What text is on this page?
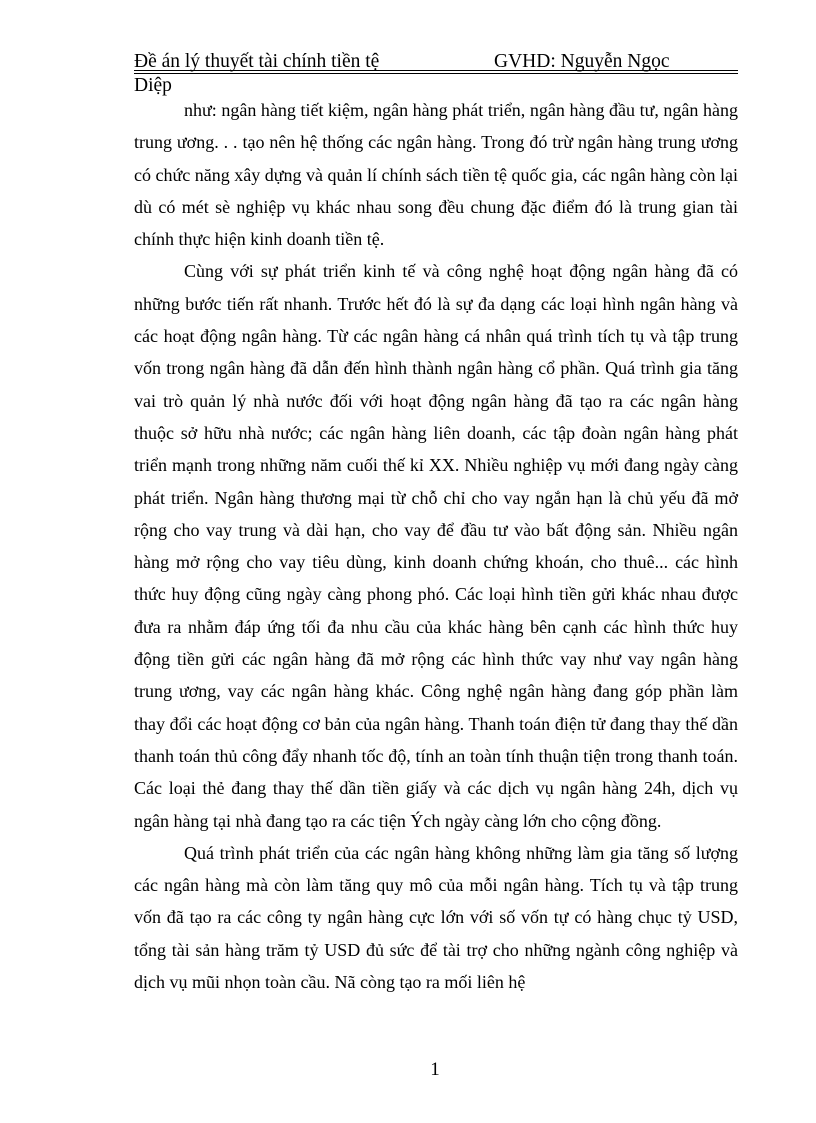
Đề án lý thuyết tài chính tiền tệ	GVHD: Nguyễn Ngọc
Diệp

như: ngân hàng tiết kiệm, ngân hàng phát triển, ngân hàng đầu tư, ngân hàng trung ương. . . tạo nên hệ thống các ngân hàng. Trong đó trừ ngân hàng trung ương có chức năng xây dựng và quản lí chính sách tiền tệ quốc gia, các ngân hàng còn lại dù có mét sè nghiệp vụ khác nhau song đều chung đặc điểm đó là trung gian tài chính thực hiện kinh doanh tiền tệ.

Cùng với sự phát triển kinh tế và công nghệ hoạt động ngân hàng đã có những bước tiến rất nhanh. Trước hết đó là sự đa dạng các loại hình ngân hàng và các hoạt động ngân hàng. Từ các ngân hàng cá nhân quá trình tích tụ và tập trung vốn trong ngân hàng đã dẫn đến hình thành ngân hàng cổ phần. Quá trình gia tăng vai trò quản lý nhà nước đối với hoạt động ngân hàng đã tạo ra các ngân hàng thuộc sở hữu nhà nước; các ngân hàng liên doanh, các tập đoàn ngân hàng phát triển mạnh trong những năm cuối thế kỉ XX. Nhiều nghiệp vụ mới đang ngày càng phát triển. Ngân hàng thương mại từ chỗ chỉ cho vay ngắn hạn là chủ yếu đã mở rộng cho vay trung và dài hạn, cho vay để đầu tư vào bất động sản. Nhiều ngân hàng mở rộng cho vay tiêu dùng, kinh doanh chứng khoán, cho thuê... các hình thức huy động cũng ngày càng phong phó. Các loại hình tiền gửi khác nhau được đưa ra nhằm đáp ứng tối đa nhu cầu của khác hàng bên cạnh các hình thức huy động tiền gửi các ngân hàng đã mở rộng các hình thức vay như vay ngân hàng trung ương, vay các ngân hàng khác. Công nghệ ngân hàng đang góp phần làm thay đổi các hoạt động cơ bản của ngân hàng. Thanh toán điện tử đang thay thế dần thanh toán thủ công đẩy nhanh tốc độ, tính an toàn tính thuận tiện trong thanh toán. Các loại thẻ đang thay thế dần tiền giấy và các dịch vụ ngân hàng 24h, dịch vụ ngân hàng tại nhà đang tạo ra các tiện Ých ngày càng lớn cho cộng đồng.

Quá trình phát triển của các ngân hàng không những làm gia tăng số lượng các ngân hàng mà còn làm tăng quy mô của mỗi ngân hàng. Tích tụ và tập trung vốn đã tạo ra các công ty ngân hàng cực lớn với số vốn tự có hàng chục tỷ USD, tổng tài sản hàng trăm tỷ USD đủ sức để tài trợ cho những ngành công nghiệp và dịch vụ mũi nhọn toàn cầu. Nã còng tạo ra mối liên hệ

1
